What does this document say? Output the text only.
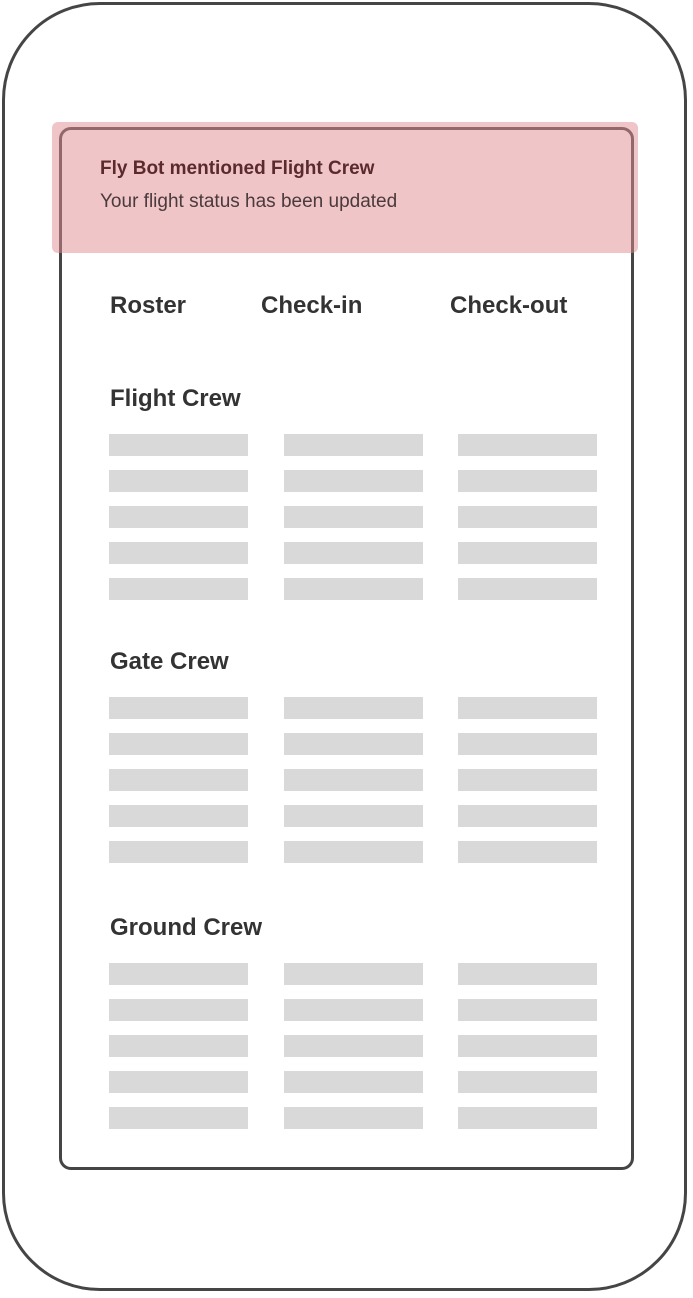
Fly Bot mentioned Flight Crew
Your flight status has been updated
Roster	Check-in	Check-out
Flight Crew
Gate Crew
Ground Crew
